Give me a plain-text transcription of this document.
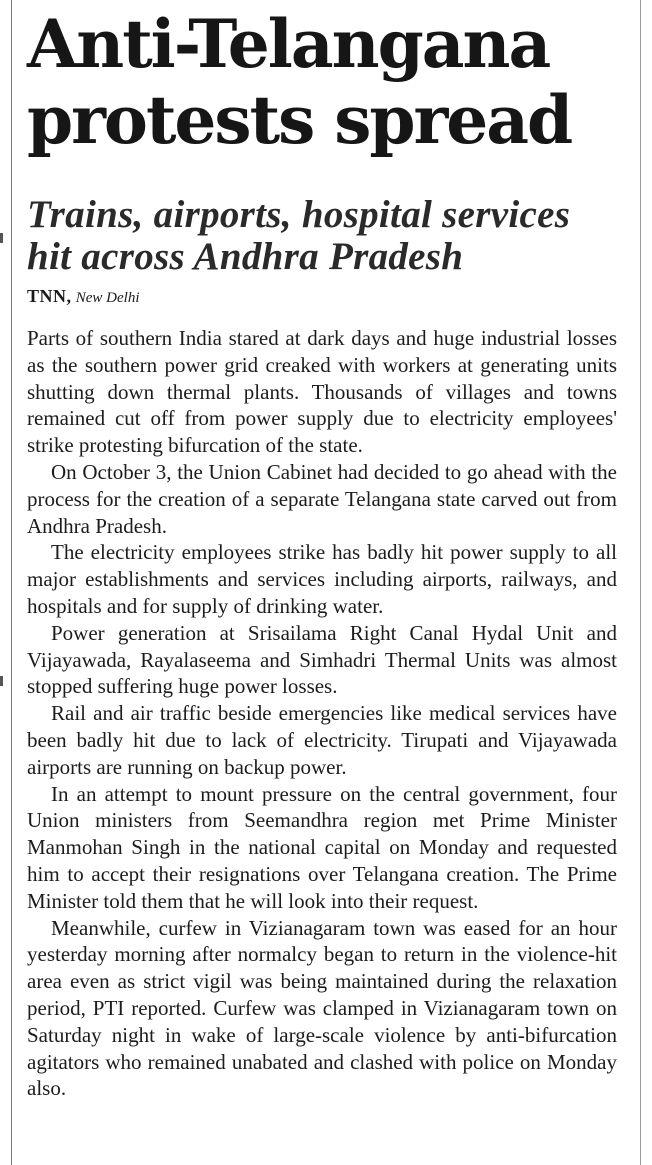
Anti-Telangana
protests spread
Trains, airports, hospital services
hit across Andhra Pradesh
TNN, New Delhi

Parts of southern India stared at dark days and huge industrial losses as the southern power grid creaked with workers at generating units shutting down thermal plants. Thousands of villages and towns remained cut off from power supply due to electricity employees' strike protesting bifurcation of the state.

On October 3, the Union Cabinet had decided to go ahead with the process for the creation of a separate Telangana state carved out from Andhra Pradesh.

The electricity employees strike has badly hit power supply to all major establishments and services including airports, railways, and hospitals and for supply of drinking water.

Power generation at Srisailama Right Canal Hydal Unit and Vijayawada, Rayalaseema and Simhadri Thermal Units was almost stopped suffering huge power losses.

Rail and air traffic beside emergencies like medical services have been badly hit due to lack of electricity. Tirupati and Vijayawada airports are running on backup power.

In an attempt to mount pressure on the central government, four Union ministers from Seemandhra region met Prime Minister Manmohan Singh in the national capital on Monday and requested him to accept their resignations over Telangana creation. The Prime Minister told them that he will look into their request.

Meanwhile, curfew in Vizianagaram town was eased for an hour yesterday morning after normalcy began to return in the violence-hit area even as strict vigil was being maintained during the relaxation period, PTI reported. Curfew was clamped in Vizianagaram town on Saturday night in wake of large-scale violence by anti-bifurcation agitators who remained unabated and clashed with police on Monday also.
